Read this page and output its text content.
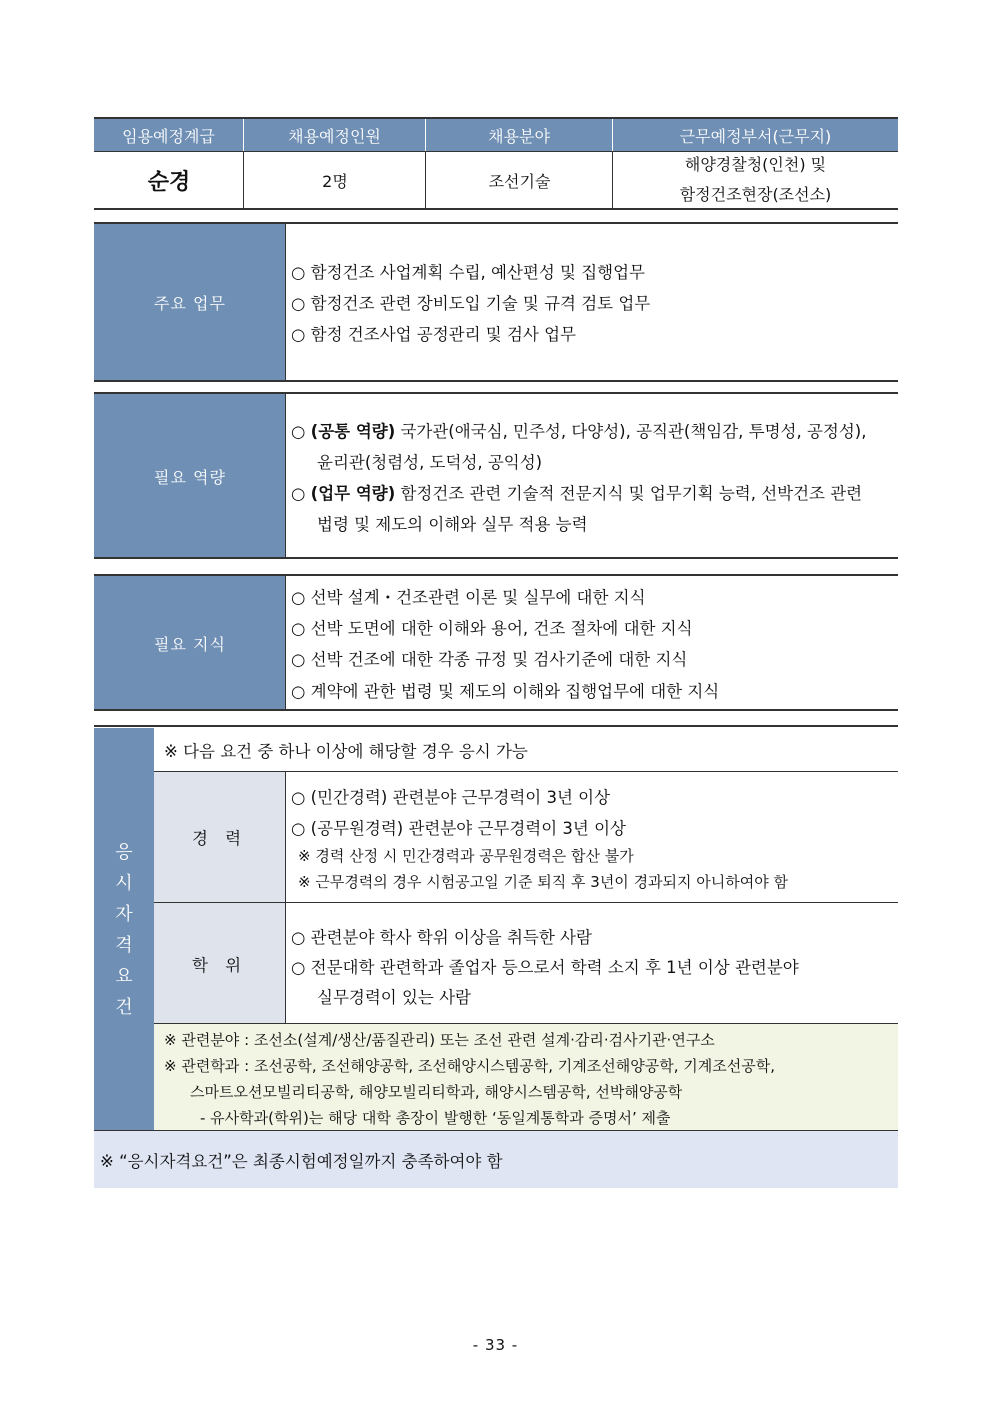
임용예정계급	채용예정인원	채용분야	근무예정부서(근무지)
순경	2명	조선기술
해양경찰청(인천) 및
함정건조현장(조선소)
주요 업무
○ 함정건조 사업계획 수립, 예산편성 및 집행업무
○ 함정건조 관련 장비도입 기술 및 규격 검토 업무
○ 함정 건조사업 공정관리 및 검사 업무
필요 역량
○ (공통 역량) 국가관(애국심, 민주성, 다양성), 공직관(책임감, 투명성, 공정성),
윤리관(청렴성, 도덕성, 공익성)
○ (업무 역량) 함정건조 관련 기술적 전문지식 및 업무기획 능력, 선박건조 관련
법령 및 제도의 이해와 실무 적용 능력
필요 지식
○ 선박 설계・건조관련 이론 및 실무에 대한 지식
○ 선박 도면에 대한 이해와 용어, 건조 절차에 대한 지식
○ 선박 건조에 대한 각종 규정 및 검사기준에 대한 지식
○ 계약에 관한 법령 및 제도의 이해와 집행업무에 대한 지식
응
시
자
격
요
건
※ 다음 요건 중 하나 이상에 해당할 경우 응시 가능
경 력
○ (민간경력) 관련분야 근무경력이 3년 이상
○ (공무원경력) 관련분야 근무경력이 3년 이상
※ 경력 산정 시 민간경력과 공무원경력은 합산 불가
※ 근무경력의 경우 시험공고일 기준 퇴직 후 3년이 경과되지 아니하여야 함
학 위
○ 관련분야 학사 학위 이상을 취득한 사람
○ 전문대학 관련학과 졸업자 등으로서 학력 소지 후 1년 이상 관련분야
실무경력이 있는 사람
※ 관련분야 : 조선소(설계/생산/품질관리) 또는 조선 관련 설계·감리·검사기관·연구소
※ 관련학과 : 조선공학, 조선해양공학, 조선해양시스템공학, 기계조선해양공학, 기계조선공학,
스마트오션모빌리티공학, 해양모빌리티학과, 해양시스템공학, 선박해양공학
- 유사학과(학위)는 해당 대학 총장이 발행한 ‘동일계통학과 증명서’ 제출
※ “응시자격요건”은 최종시험예정일까지 충족하여야 함
- 33 -
